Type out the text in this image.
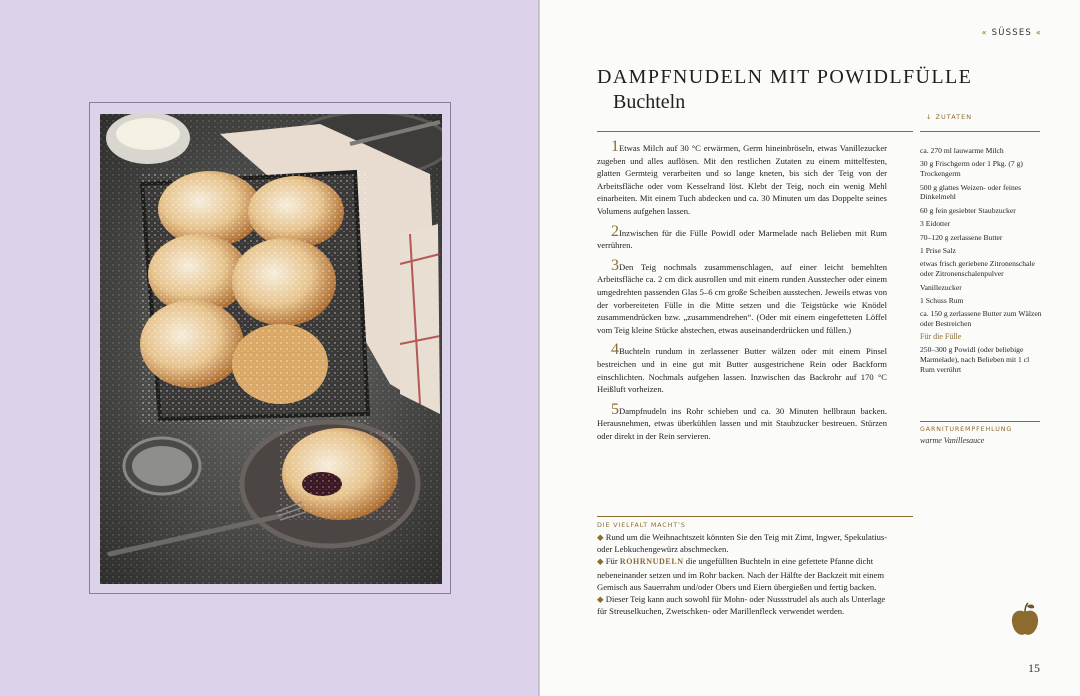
« SÜSSES «
DAMPFNUDELN MIT POWIDLFÜLLE
Buchteln
↓ ZUTATEN
1 Etwas Milch auf 30 °C erwärmen, Germ hineinbröseln, etwas Vanillezucker zugeben und alles auflösen. Mit den restlichen Zutaten zu einem mittelfesten, glatten Germteig verarbeiten und so lange kneten, bis sich der Teig von der Arbeitsfläche oder vom Kesselrand löst. Klebt der Teig, noch ein wenig Mehl einarbeiten. Mit einem Tuch abdecken und ca. 30 Minuten um das Doppelte seines Volumens aufgehen lassen.
2 Inzwischen für die Fülle Powidl oder Marmelade nach Belieben mit Rum verrühren.
3 Den Teig nochmals zusammenschlagen, auf einer leicht bemehlten Arbeitsfläche ca. 2 cm dick ausrollen und mit einem runden Ausstecher oder einem umgedrehten passenden Glas 5–6 cm große Scheiben ausstechen. Jeweils etwas von der vorbereiteten Fülle in die Mitte setzen und die Teigstücke wie Knödel zusammendrücken bzw. „zusammendrehen“. (Oder mit einem eingefetteten Löffel vom Teig kleine Stücke abstechen, etwas auseinanderdrücken und füllen.)
4 Buchteln rundum in zerlassener Butter wälzen oder mit einem Pinsel bestreichen und in eine gut mit Butter ausgestrichene Rein oder Backform einschlichten. Nochmals aufgehen lassen. Inzwischen das Backrohr auf 170 °C Heißluft vorheizen.
5 Dampfnudeln ins Rohr schieben und ca. 30 Minuten hellbraun backen. Herausnehmen, etwas überkühlen lassen und mit Staubzucker bestreuen. Stürzen oder direkt in der Rein servieren.
ca. 270 ml lauwarme Milch
30 g Frischgerm oder 1 Pkg. (7 g) Trockengerm
500 g glattes Weizen- oder feines Dinkelmehl
60 g fein gesiebter Staubzucker
3 Eidotter
70–120 g zerlassene Butter
1 Prise Salz
etwas frisch geriebene Zitronenschale oder Zitronenschalenpulver
Vanillezucker
1 Schuss Rum
ca. 150 g zerlassene Butter zum Wälzen oder Bestreichen
Für die Fülle
250–300 g Powidl (oder beliebige Marmelade), nach Belieben mit 1 cl Rum verrührt
GARNITUREMPFEHLUNG
warme Vanillesauce
DIE VIELFALT MACHT’S
◆ Rund um die Weihnachtszeit könnten Sie den Teig mit Zimt, Ingwer, Spekulatius- oder Lebkuchengewürz abschmecken.
◆ Für ROHRNUDELN die ungefüllten Buchteln in eine gefettete Pfanne dicht nebeneinander setzen und im Rohr backen. Nach der Hälfte der Backzeit mit einem Gemisch aus Sauerrahm und/oder Obers und Eiern übergießen und fertig backen.
◆ Dieser Teig kann auch sowohl für Mohn- oder Nussstrudel als auch als Unterlage für Streuselkuchen, Zwetschken- oder Marillenfleck verwendet werden.
15
